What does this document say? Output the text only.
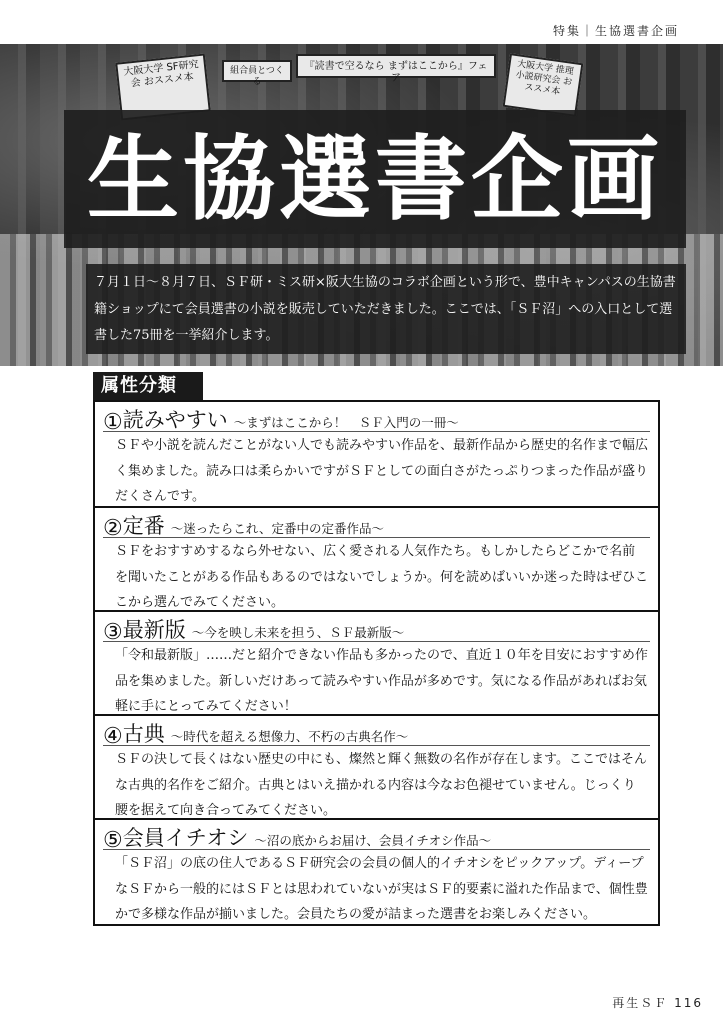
特集｜生協選書企画
大阪大学 SF研究会 おススメ本
組合員とつくる
『読書で空るなら まずはここから』フェア
大阪大学 推理小説研究会 おススメ本
生協選書企画

７月１日〜８月７日、ＳＦ研・ミス研×阪大生協のコラボ企画という形で、豊中キャンパスの生協書籍ショップにて会員選書の小説を販売していただきました。ここでは、「ＳＦ沼」への入口として選書した75冊を一挙紹介します。

属性分類
①読みやすい 〜まずはここから！　ＳＦ入門の一冊〜

ＳＦや小説を読んだことがない人でも読みやすい作品を、最新作品から歴史的名作まで幅広く集めました。読み口は柔らかいですがＳＦとしての面白さがたっぷりつまった作品が盛りだくさんです。

②定番 〜迷ったらこれ、定番中の定番作品〜

ＳＦをおすすめするなら外せない、広く愛される人気作たち。もしかしたらどこかで名前を聞いたことがある作品もあるのではないでしょうか。何を読めばいいか迷った時はぜひここから選んでみてください。

③最新版 〜今を映し未来を担う、ＳＦ最新版〜

「令和最新版」……だと紹介できない作品も多かったので、直近１０年を目安におすすめ作品を集めました。新しいだけあって読みやすい作品が多めです。気になる作品があればお気軽に手にとってみてください！

④古典 〜時代を超える想像力、不朽の古典名作〜

ＳＦの決して長くはない歴史の中にも、燦然と輝く無数の名作が存在します。ここではそんな古典的名作をご紹介。古典とはいえ描かれる内容は今なお色褪せていません。じっくり腰を据えて向き合ってみてください。

⑤会員イチオシ 〜沼の底からお届け、会員イチオシ作品〜

「ＳＦ沼」の底の住人であるＳＦ研究会の会員の個人的イチオシをピックアップ。ディープなＳＦから一般的にはＳＦとは思われていないが実はＳＦ的要素に溢れた作品まで、個性豊かで多様な作品が揃いました。会員たちの愛が詰まった選書をお楽しみください。

再生ＳＦ 116
